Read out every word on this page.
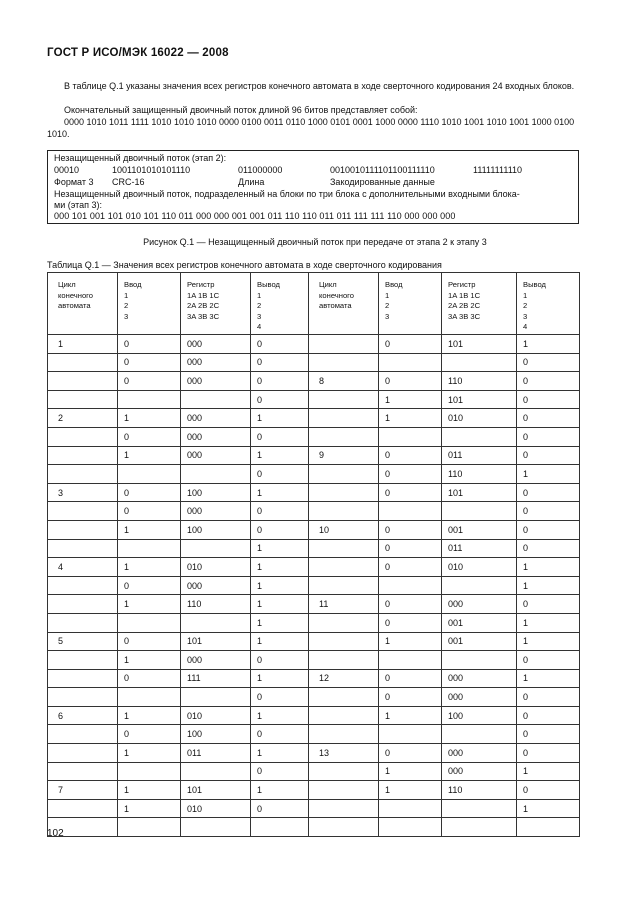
ГОСТ Р ИСО/МЭК 16022 — 2008
В таблице Q.1 указаны значения всех регистров конечного автомата в ходе сверточного кодирования 24 входных блоков.
Окончательный защищенный двоичный поток длиной 96 битов представляет собой:
0000 1010 1011 1111 1010 1010 1010 0000 0100 0011 0110 1000 0101 0001 1000 0000 1110 1010 1001 1010 1001 1000 0100 1010.
Незащищенный двоичный поток (этап 2):
00010	1001101010101110	011000000	0010010111101100111110	11111111110
Формат 3 CRC-16	Длина	Закодированные данные
Незащищенный двоичный поток, подразделенный на блоки по три блока с дополнительными входными блока-
ми (этап 3):
000 101 001 101 010 101 110 011 000 000 001 001 011 110 110 011 011 111 111 110 000 000 000
Рисунок Q.1 — Незащищенный двоичный поток при передаче от этапа 2 к этапу 3
Таблица Q.1 — Значения всех регистров конечного автомата в ходе сверточного кодирования
Цикл
конечного
автомата	Ввод
1
2
3	Регистр
1A 1B 1C
2A 2B 2C
3A 3B 3C	Вывод
1
2
3
4	Цикл
конечного
автомата	Ввод
1
2
3	Регистр
1A 1B 1C
2A 2B 2C
3A 3B 3C	Вывод
1
2
3
4

1	0	000	0		0	101	1
	0	000	0				0
	0	000	0	8	0	110	0
			0		1	101	0
2	1	000	1		1	010	0
	0	000	0				0
	1	000	1	9	0	011	0
			0		0	110	1
3	0	100	1		0	101	0
	0	000	0				0
	1	100	0	10	0	001	0
			1		0	011	0
4	1	010	1		0	010	1
	0	000	1				1
	1	110	1	11	0	000	0
			1		0	001	1
5	0	101	1		1	001	1
	1	000	0				0
	0	111	1	12	0	000	1
			0		0	000	0
6	1	010	1		1	100	0
	0	100	0				0
	1	011	1	13	0	000	0
			0		1	000	1
7	1	101	1		1	110	0
	1	010	0				1

102
